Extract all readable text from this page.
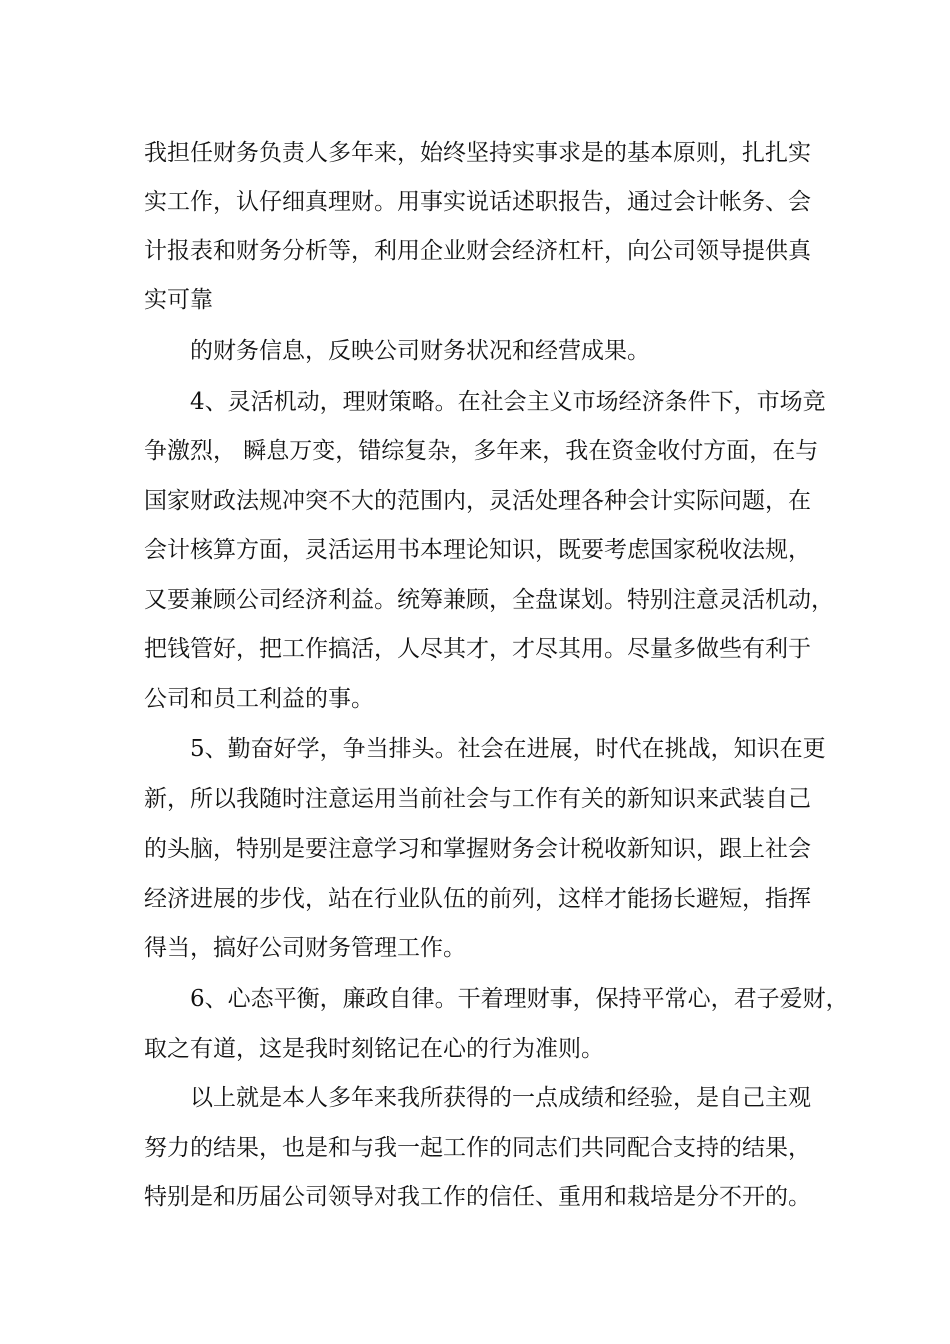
我担任财务负责人多年来，始终坚持实事求是的基本原则，扎扎实
实工作，认仔细真理财。用事实说话述职报告，通过会计帐务、会
计报表和财务分析等，利用企业财会经济杠杆，向公司领导提供真
实可靠
的财务信息，反映公司财务状况和经营成果。
4、灵活机动，理财策略。在社会主义市场经济条件下，市场竞
争激烈， 瞬息万变，错综复杂，多年来，我在资金收付方面，在与
国家财政法规冲突不大的范围内，灵活处理各种会计实际问题，在
会计核算方面，灵活运用书本理论知识，既要考虑国家税收法规，
又要兼顾公司经济利益。统筹兼顾，全盘谋划。特别注意灵活机动，
把钱管好，把工作搞活，人尽其才，才尽其用。尽量多做些有利于
公司和员工利益的事。
5、勤奋好学，争当排头。社会在进展，时代在挑战，知识在更
新，所以我随时注意运用当前社会与工作有关的新知识来武装自己
的头脑，特别是要注意学习和掌握财务会计税收新知识，跟上社会
经济进展的步伐，站在行业队伍的前列，这样才能扬长避短，指挥
得当，搞好公司财务管理工作。
6、心态平衡，廉政自律。干着理财事，保持平常心，君子爱财，
取之有道，这是我时刻铭记在心的行为准则。
以上就是本人多年来我所获得的一点成绩和经验，是自己主观
努力的结果，也是和与我一起工作的同志们共同配合支持的结果，
特别是和历届公司领导对我工作的信任、重用和栽培是分不开的。
